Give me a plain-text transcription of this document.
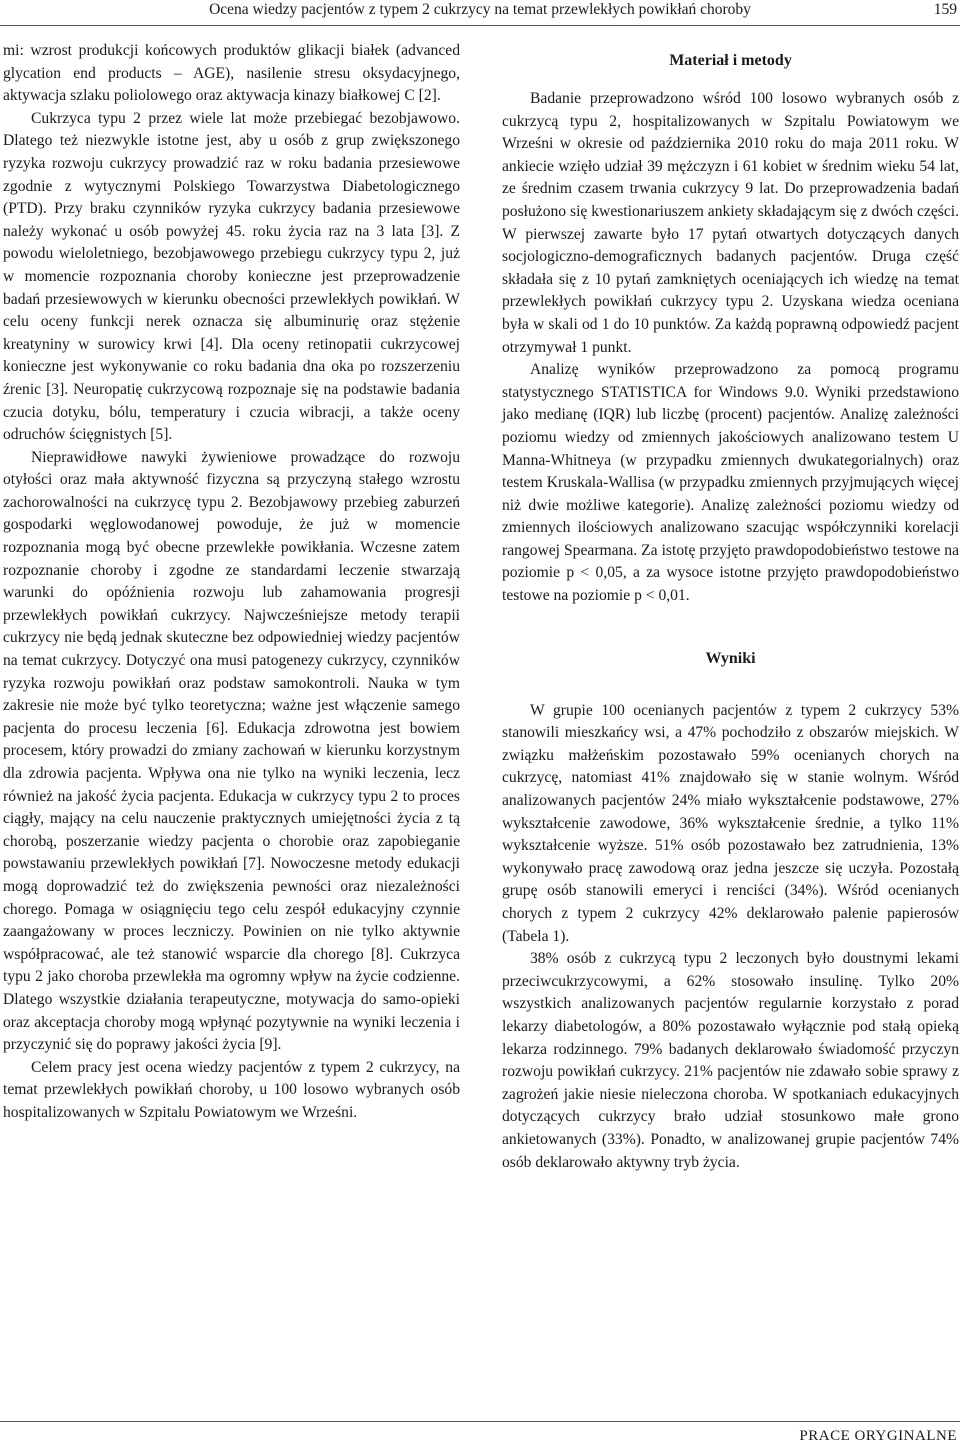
Ocena wiedzy pacjentów z typem 2 cukrzycy na temat przewlekłych powikłań choroby	159

mi: wzrost produkcji końcowych produktów glikacji białek (advanced glycation end products – AGE), nasilenie stresu oksydacyjnego, aktywacja szlaku poliolowego oraz aktywacja kinazy białkowej C [2].

Cukrzyca typu 2 przez wiele lat może przebiegać bezobjawowo. Dlatego też niezwykle istotne jest, aby u osób z grup zwiększonego ryzyka rozwoju cukrzycy prowadzić raz w roku badania przesiewowe zgodnie z wytycznymi Polskiego Towarzystwa Diabetologicznego (PTD). Przy braku czynników ryzyka cukrzycy badania przesiewowe należy wykonać u osób powyżej 45. roku życia raz na 3 lata [3]. Z powodu wieloletniego, bezobjawowego przebiegu cukrzycy typu 2, już w momencie rozpoznania choroby konieczne jest przeprowadzenie badań przesiewowych w kierunku obecności przewlekłych powikłań. W celu oceny funkcji nerek oznacza się albuminurię oraz stężenie kreatyniny w surowicy krwi [4]. Dla oceny retinopatii cukrzycowej konieczne jest wykonywanie co roku badania dna oka po rozszerzeniu źrenic [3]. Neuropatię cukrzycową rozpoznaje się na podstawie badania czucia dotyku, bólu, temperatury i czucia wibracji, a także oceny odruchów ścięgnistych [5].

Nieprawidłowe nawyki żywieniowe prowadzące do rozwoju otyłości oraz mała aktywność fizyczna są przyczyną stałego wzrostu zachorowalności na cukrzycę typu 2. Bezobjawowy przebieg zaburzeń gospodarki węglowodanowej powoduje, że już w momencie rozpoznania mogą być obecne przewlekłe powikłania. Wczesne zatem rozpoznanie choroby i zgodne ze standardami leczenie stwarzają warunki do opóźnienia rozwoju lub zahamowania progresji przewlekłych powikłań cukrzycy. Najwcześniejsze metody terapii cukrzycy nie będą jednak skuteczne bez odpowiedniej wiedzy pacjentów na temat cukrzycy. Dotyczyć ona musi patogenezy cukrzycy, czynników ryzyka rozwoju powikłań oraz podstaw samokontroli. Nauka w tym zakresie nie może być tylko teoretyczna; ważne jest włączenie samego pacjenta do procesu leczenia [6]. Edukacja zdrowotna jest bowiem procesem, który prowadzi do zmiany zachowań w kierunku korzystnym dla zdrowia pacjenta. Wpływa ona nie tylko na wyniki leczenia, lecz również na jakość życia pacjenta. Edukacja w cukrzycy typu 2 to proces ciągły, mający na celu nauczenie praktycznych umiejętności życia z tą chorobą, poszerzanie wiedzy pacjenta o chorobie oraz zapobieganie powstawaniu przewlekłych powikłań [7]. Nowoczesne metody edukacji mogą doprowadzić też do zwiększenia pewności oraz niezależności chorego. Pomaga w osiągnięciu tego celu zespół edukacyjny czynnie zaangażowany w proces leczniczy. Powinien on nie tylko aktywnie współpracować, ale też stanowić wsparcie dla chorego [8]. Cukrzyca typu 2 jako choroba przewlekła ma ogromny wpływ na życie codzienne. Dlatego wszystkie działania terapeutyczne, motywacja do samo-opieki oraz akceptacja choroby mogą wpłynąć pozytywnie na wyniki leczenia i przyczynić się do poprawy jakości życia [9].

Celem pracy jest ocena wiedzy pacjentów z typem 2 cukrzycy, na temat przewlekłych powikłań choroby, u 100 losowo wybranych osób hospitalizowanych w Szpitalu Powiatowym we Wrześni.

Materiał i metody

Badanie przeprowadzono wśród 100 losowo wybranych osób z cukrzycą typu 2, hospitalizowanych w Szpitalu Powiatowym we Wrześni w okresie od października 2010 roku do maja 2011 roku. W ankiecie wzięło udział 39 mężczyzn i 61 kobiet w średnim wieku 54 lat, ze średnim czasem trwania cukrzycy 9 lat. Do przeprowadzenia badań posłużono się kwestionariuszem ankiety składającym się z dwóch części. W pierwszej zawarte było 17 pytań otwartych dotyczących danych socjologiczno-demograficznych badanych pacjentów. Druga część składała się z 10 pytań zamkniętych oceniających ich wiedzę na temat przewlekłych powikłań cukrzycy typu 2. Uzyskana wiedza oceniana była w skali od 1 do 10 punktów. Za każdą poprawną odpowiedź pacjent otrzymywał 1 punkt.

Analizę wyników przeprowadzono za pomocą programu statystycznego STATISTICA for Windows 9.0. Wyniki przedstawiono jako medianę (IQR) lub liczbę (procent) pacjentów. Analizę zależności poziomu wiedzy od zmiennych jakościowych analizowano testem U Manna-Whitneya (w przypadku zmiennych dwukategorialnych) oraz testem Kruskala-Wallisa (w przypadku zmiennych przyjmujących więcej niż dwie możliwe kategorie). Analizę zależności poziomu wiedzy od zmiennych ilościowych analizowano szacując współczynniki korelacji rangowej Spearmana. Za istotę przyjęto prawdopodobieństwo testowe na poziomie p < 0,05, a za wysoce istotne przyjęto prawdopodobieństwo testowe na poziomie p < 0,01.

Wyniki

W grupie 100 ocenianych pacjentów z typem 2 cukrzycy 53% stanowili mieszkańcy wsi, a 47% pochodziło z obszarów miejskich. W związku małżeńskim pozostawało 59% ocenianych chorych na cukrzycę, natomiast 41% znajdowało się w stanie wolnym. Wśród analizowanych pacjentów 24% miało wykształcenie podstawowe, 27% wykształcenie zawodowe, 36% wykształcenie średnie, a tylko 11% wykształcenie wyższe. 51% osób pozostawało bez zatrudnienia, 13% wykonywało pracę zawodową oraz jedna jeszcze się uczyła. Pozostałą grupę osób stanowili emeryci i renciści (34%). Wśród ocenianych chorych z typem 2 cukrzycy 42% deklarowało palenie papierosów (Tabela 1).

38% osób z cukrzycą typu 2 leczonych było doustnymi lekami przeciwcukrzycowymi, a 62% stosowało insulinę. Tylko 20% wszystkich analizowanych pacjentów regularnie korzystało z porad lekarzy diabetologów, a 80% pozostawało wyłącznie pod stałą opieką lekarza rodzinnego. 79% badanych deklarowało świadomość przyczyn rozwoju powikłań cukrzycy. 21% pacjentów nie zdawało sobie sprawy z zagrożeń jakie niesie nieleczona choroba. W spotkaniach edukacyjnych dotyczących cukrzycy brało udział stosunkowo małe grono ankietowanych (33%). Ponadto, w analizowanej grupie pacjentów 74% osób deklarowało aktywny tryb życia.

PRACE ORYGINALNE
